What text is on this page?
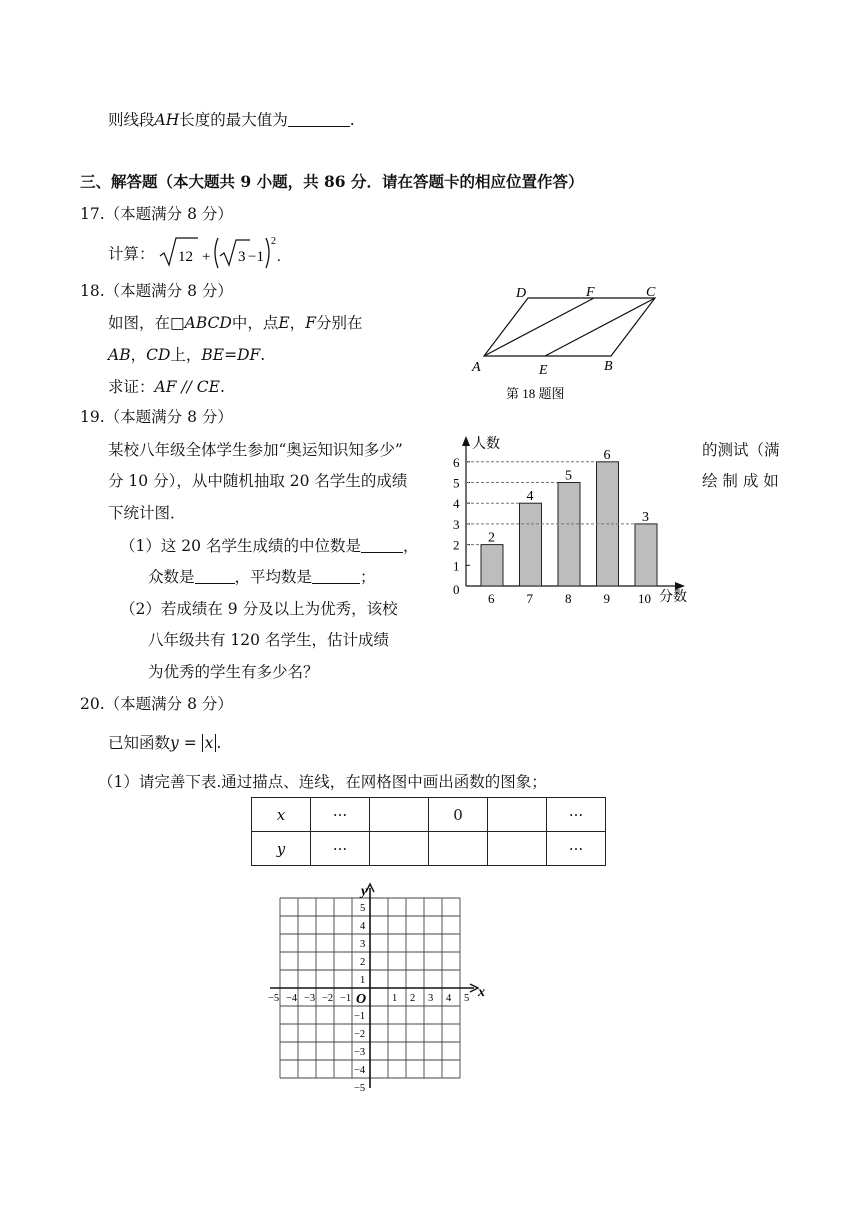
则线段AH长度的最大值为	.
三、解答题（本大题共 9 小题，共 86 分．请在答题卡的相应位置作答）
17.（本题满分 8 分）
计算： 12 + 3 −1
2
.
18.（本题满分 8 分）
如图，在□ABCD中，点E，F分别在
AB，CD上，BE=DF.
求证：AF // CE.
D	F	C
A	E	B
第 18 题图
19.（本题满分 8 分）
某校八年级全体学生参加“奥运知识知多少”	的测试（满
分 10 分），从中随机抽取 20 名学生的成绩	绘 制 成 如
下统计图．
（1）这 20 名学生成绩的中位数是	，
众数是	，平均数是	；
（2）若成绩在 9 分及以上为优秀，该校
八年级共有 120 名学生，估计成绩
为优秀的学生有多少名？
人数
分数
0
1
2
3
4
5
6
2
6
4
7
5
8
6
9
3
10
20.（本题满分 8 分）
已知函数y = x .
（1）请完善下表.通过描点、连线，在网格图中画出函数的图象；
x	···		0		···
y	···				···
x
y
O
−5 −4 −3 −2 −1	1 2 3 4 5
5
4
3
2
1
−1
−2
−3
−4
−5
